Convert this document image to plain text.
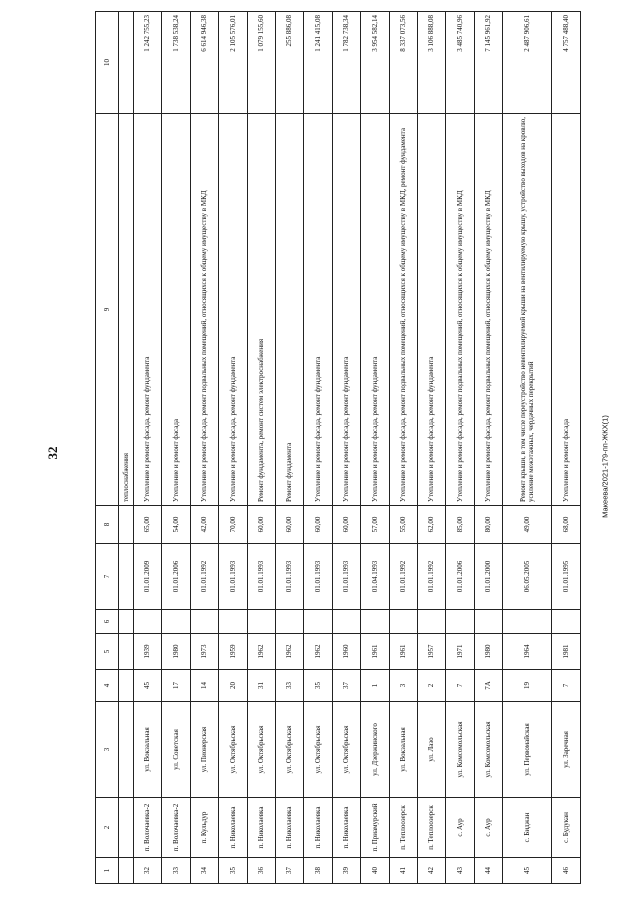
32
1	2	3	4	5	6	7	8	9	10
								теплоснабжения	
32	п. Волочаевка-2	ул. Вокзальная	45	1939		01.01.2009	65,00	Утепление и ремонт фасада, ремонт фундамента	1 242 755,23
33	п. Волочаевка-2	ул. Советская	17	1980		01.01.2006	54,00	Утепление и ремонт фасада	1 738 538,24
34	п. Кульдур	ул. Пионерская	14	1973		01.01.1992	42,00	Утепление и ремонт фасада, ремонт подвальных помещений, относящихся к общему имуществу в МКД	6 614 946,38
35	п. Николаевка	ул. Октябрьская	20	1959		01.01.1993	70,00	Утепление и ремонт фасада, ремонт фундамента	2 105 576,01
36	п. Николаевка	ул. Октябрьская	31	1962		01.01.1993	60,00	Ремонт фундамента, ремонт систем электроснабжения	1 079 155,60
37	п. Николаевка	ул. Октябрьская	33	1962		01.01.1993	60,00	Ремонт фундамента	255 886,08
38	п. Николаевка	ул. Октябрьская	35	1962		01.01.1993	60,00	Утепление и ремонт фасада, ремонт фундамента	1 241 415,08
39	п. Николаевка	ул. Октябрьская	37	1960		01.01.1993	60,00	Утепление и ремонт фасада, ремонт фундамента	1 782 738,34
40	п. Приамурский	ул. Дзержинского	1	1961		01.04.1993	57,00	Утепление и ремонт фасада, ремонт фундамента	3 954 582,14
41	п. Теплоозерск	ул. Вокзальная	3	1961		01.01.1992	55,00	Утепление и ремонт фасада, ремонт подвальных помещений, относящихся к общему имуществу в МКД, ремонт фундамента	8 337 073,56
42	п. Теплоозерск	ул. Лазо	2	1957		01.01.1992	62,00	Утепление и ремонт фасада, ремонт фундамента	3 106 888,08
43	с. Аур	ул. Комсомольская	7	1971		01.01.2006	85,00	Утепление и ремонт фасада, ремонт подвальных помещений, относящихся к общему имуществу в МКД	3 485 740,96
44	с. Аур	ул. Комсомольская	7А	1980		01.01.2000	80,00	Утепление и ремонт фасада, ремонт подвальных помещений, относящихся к общему имуществу в МКД	7 145 961,92
45	с. Биджан	ул. Первомайская	19	1964		06.05.2005	49,00	Ремонт крыши, в том числе переустройство невентилируемой крыши на вентилируемую крышу, устройство выходов на кровлю, усиление межэтажных, чердачных перекрытий	2 487 906,61
46	с. Будукан	ул. Заречная	7	1981		01.01.1995	68,00	Утепление и ремонт фасада	4 757 488,40
Макеева/2021-179-пп-ЖКХ(1)
